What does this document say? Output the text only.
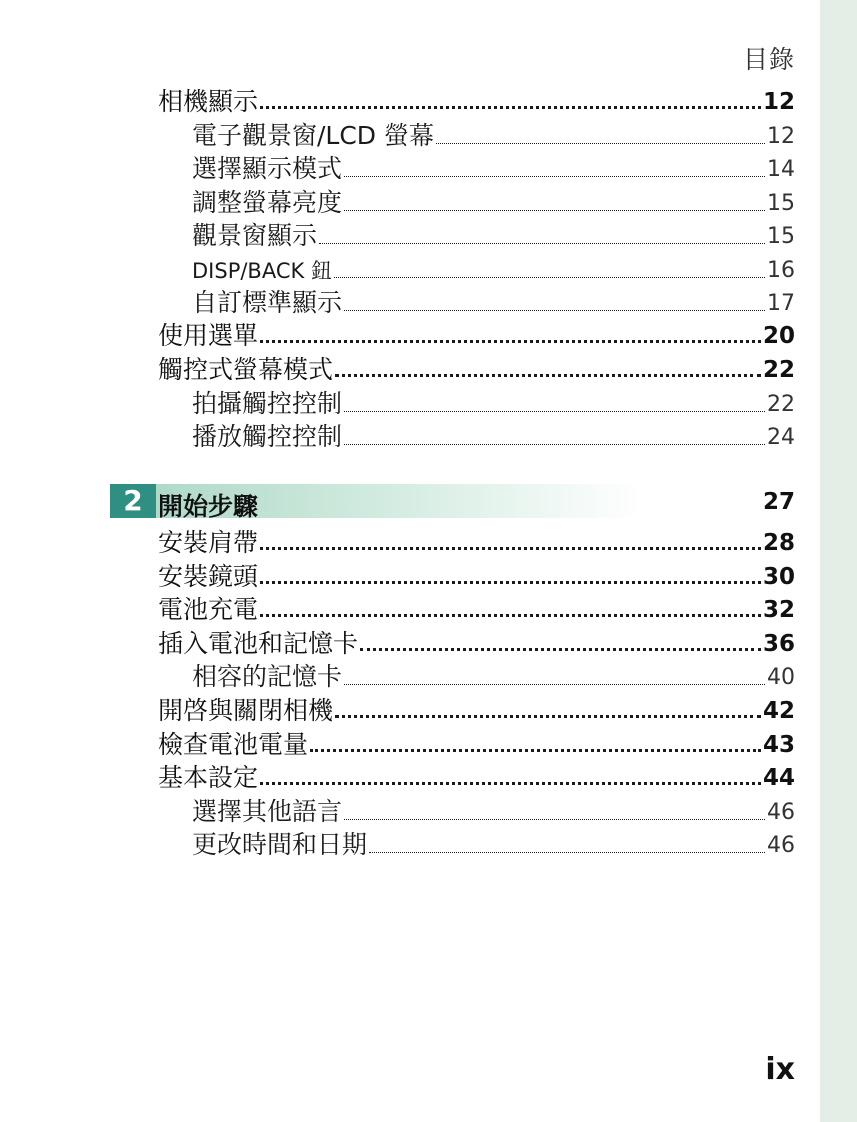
目錄
相機顯示	12
電子觀景窗/LCD 螢幕	12
選擇顯示模式	14
調整螢幕亮度	15
觀景窗顯示	15
DISP/BACK 鈕	16
自訂標準顯示	17
使用選單	20
觸控式螢幕模式	22
拍攝觸控控制	22
播放觸控控制	24
2 開始步驟	27
安裝肩帶	28
安裝鏡頭	30
電池充電	32
插入電池和記憶卡	36
相容的記憶卡	40
開啓與關閉相機	42
檢查電池電量	43
基本設定	44
選擇其他語言	46
更改時間和日期	46
ix
